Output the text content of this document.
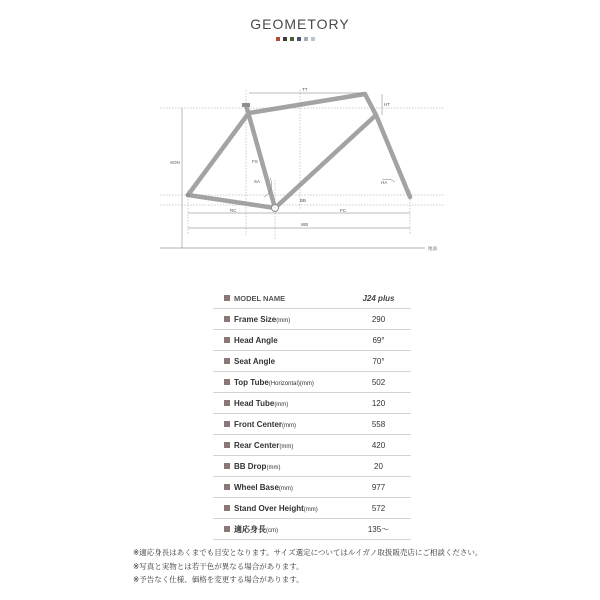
GEOMETORY
TT
HT
SON	FS
SA	HA
BB
RC	FC
WB
地面
MODEL NAME	J24 plus

Frame Size(mm)	290

Head Angle	69°

Seat Angle	70°

Top Tube(Horizontal)(mm)	502

Head Tube(mm)	120

Front Center(mm)	558

Rear Center(mm)	420

BB Drop(mm)	20

Wheel Base(mm)	977

Stand Over Height(mm)	572

適応身長(cm)	135〜
※適応身長はあくまでも目安となります。サイズ選定についてはルイガノ取扱販売店にご相談ください。
※写真と実物とは若干色が異なる場合があります。
※予告なく仕様、価格を変更する場合があります。
